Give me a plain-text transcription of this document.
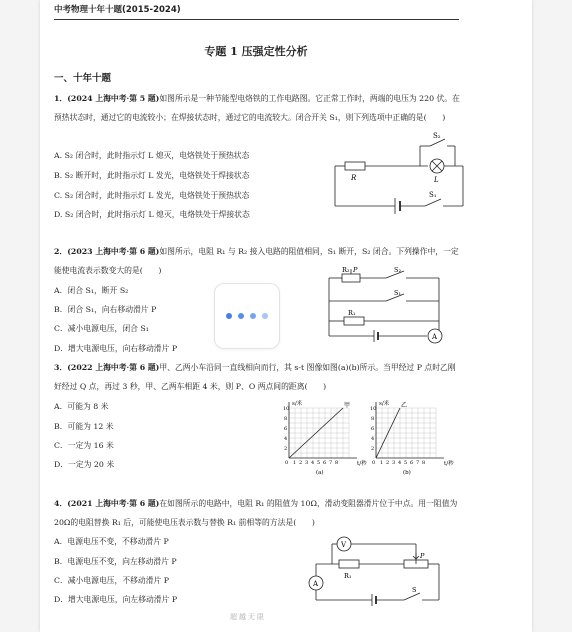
中考物理十年十题(2015-2024)
专题 1 压强定性分析
一、十年十题
1．(2024 上海中考·第 5 题)如图所示是一种节能型电烙铁的工作电路图。它正常工作时，两端的电压为 220 伏。在预热状态时，通过它的电流较小；在焊接状态时，通过它的电流较大。闭合开关 S₁，则下列选项中正确的是(　　)
A. S₂ 闭合时，此时指示灯 L 熄灭，电烙铁处于预热状态
B. S₂ 断开时，此时指示灯 L 发光，电烙铁处于焊接状态
C. S₂ 闭合时，此时指示灯 L 发光，电烙铁处于预热状态
D. S₂ 闭合时，此时指示灯 L 熄灭，电烙铁处于焊接状态
S₂
R	L
S₁
2．(2023 上海中考·第 6 题)如图所示，电阻 R₁ 与 R₂ 接入电路的阻值相同，S₁ 断开，S₂ 闭合。下列操作中，一定能使电流表示数变大的是(　　)
A．闭合 S₁，断开 S₂
B．闭合 S₁，向右移动滑片 P
C．减小电源电压，闭合 S₁
D．增大电源电压，向右移动滑片 P
R₂ P	S₂
S₁
R₁
A
3．(2022 上海中考·第 6 题)甲、乙两小车沿同一直线相向而行，其 s-t 图像如图(a)(b)所示。当甲经过 P 点时乙刚好经过 Q 点，再过 3 秒，甲、乙两车相距 4 米，则 P、O 两点间的距离(　　)
A．可能为 8 米
B．可能为 12 米
C．一定为 16 米
D．一定为 20 米
s/米	甲
t/秒
(a)
10
8
6
4
2
0 1 2 3 4 5 6 7 8
s/米 乙
t/秒
(b)
10
8
6
4
2
0 1 2 3 4 5 6 7 8
4．(2021 上海中考·第 6 题)在如图所示的电路中，电阻 R₁ 的阻值为 10Ω，滑动变阻器滑片位于中点。用一阻值为 20Ω的电阻替换 R₁ 后，可能使电压表示数与替换 R₁ 前相等的方法是(　　)
A．电源电压不变，不移动滑片 P
B．电源电压不变，向左移动滑片 P
C．减小电源电压，不移动滑片 P
D．增大电源电压，向左移动滑片 P
V
P
R₁
A
S
超越无限
